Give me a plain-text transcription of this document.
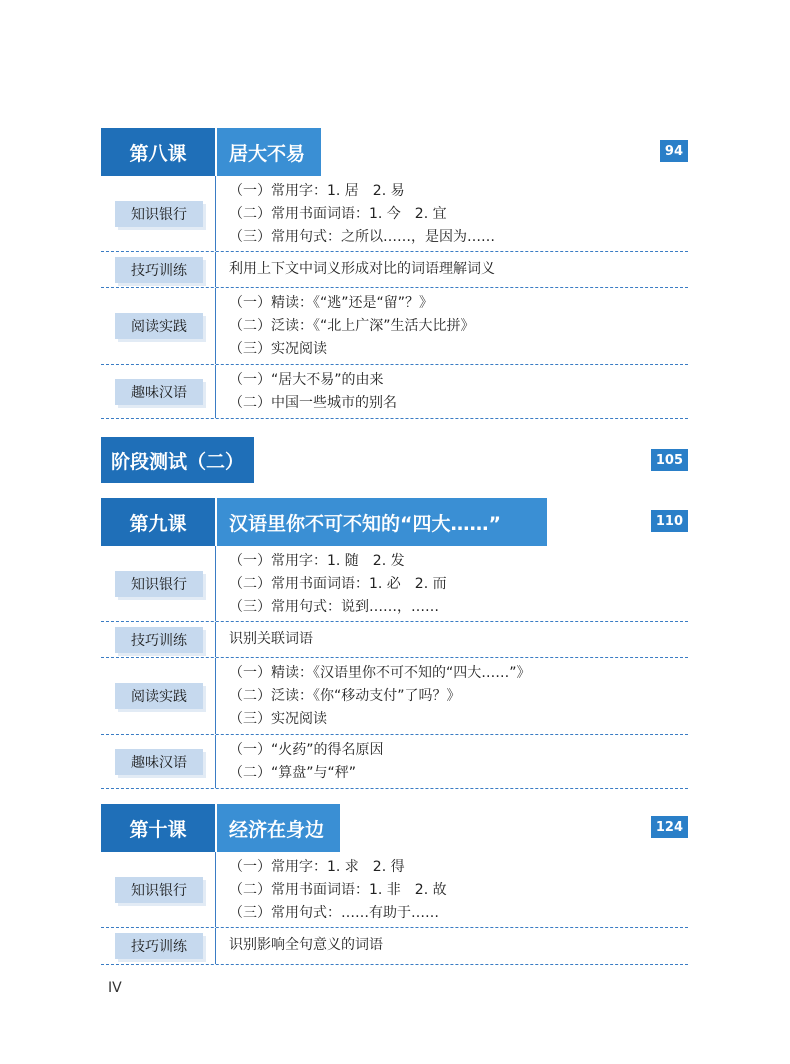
第八课	居大不易	94
知识银行
（一）常用字：1. 居　2. 易
（二）常用书面词语：1. 今　2. 宜
（三）常用句式：之所以……，是因为……
技巧训练	利用上下文中词义形成对比的词语理解词义
阅读实践
（一）精读：《“逃”还是“留”？》
（二）泛读：《“北上广深”生活大比拼》
（三）实况阅读
趣味汉语
（一）“居大不易”的由来
（二）中国一些城市的别名
阶段测试（二）	105
第九课	汉语里你不可不知的“四大……”	110
知识银行
（一）常用字：1. 随　2. 发
（二）常用书面词语：1. 必　2. 而
（三）常用句式：说到……，……
技巧训练	识别关联词语
阅读实践
（一）精读：《汉语里你不可不知的“四大……”》
（二）泛读：《你“移动支付”了吗？》
（三）实况阅读
趣味汉语
（一）“火药”的得名原因
（二）“算盘”与“秤”
第十课	经济在身边	124
知识银行
（一）常用字：1. 求　2. 得
（二）常用书面词语：1. 非　2. 故
（三）常用句式：……有助于……
技巧训练	识别影响全句意义的词语
IV
